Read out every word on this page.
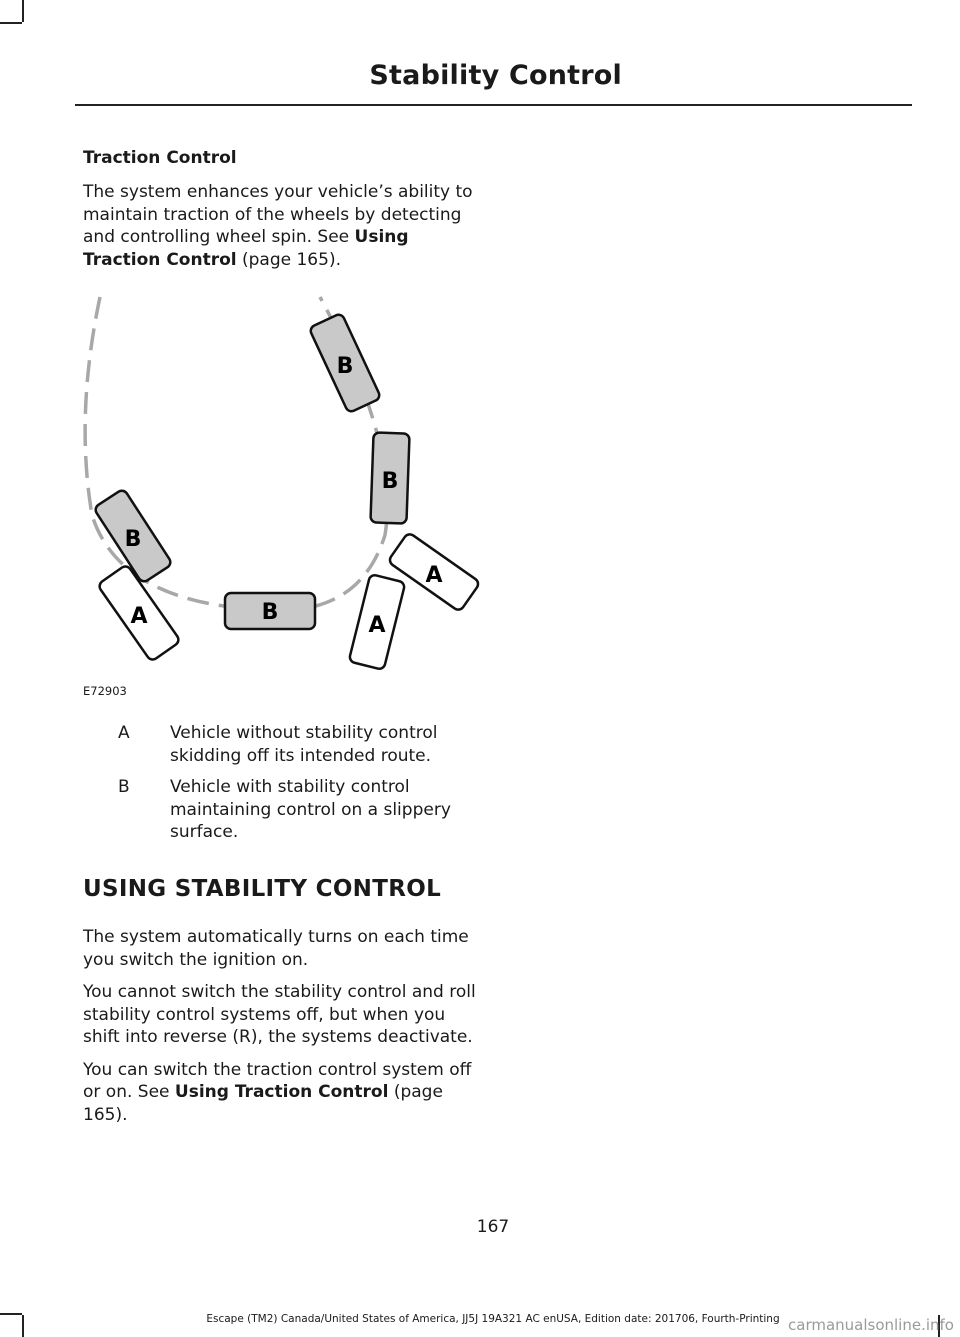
Stability Control
Traction Control

The system enhances your vehicle’s ability to maintain traction of the wheels by detecting and controlling wheel spin. See Using Traction Control (page 165).

B
B
B
B
A	A
A
E72903
A Vehicle without stability control skidding off its intended route.
B Vehicle with stability control maintaining control on a slippery surface.
USING STABILITY CONTROL

The system automatically turns on each time you switch the ignition on.

You cannot switch the stability control and roll stability control systems off, but when you shift into reverse (R), the systems deactivate.

You can switch the traction control system off or on. See Using Traction Control (page 165).

167
Escape (TM2) Canada/United States of America, JJ5J 19A321 AC enUSA, Edition date: 201706, Fourth-Printing carmanualsonline.info
